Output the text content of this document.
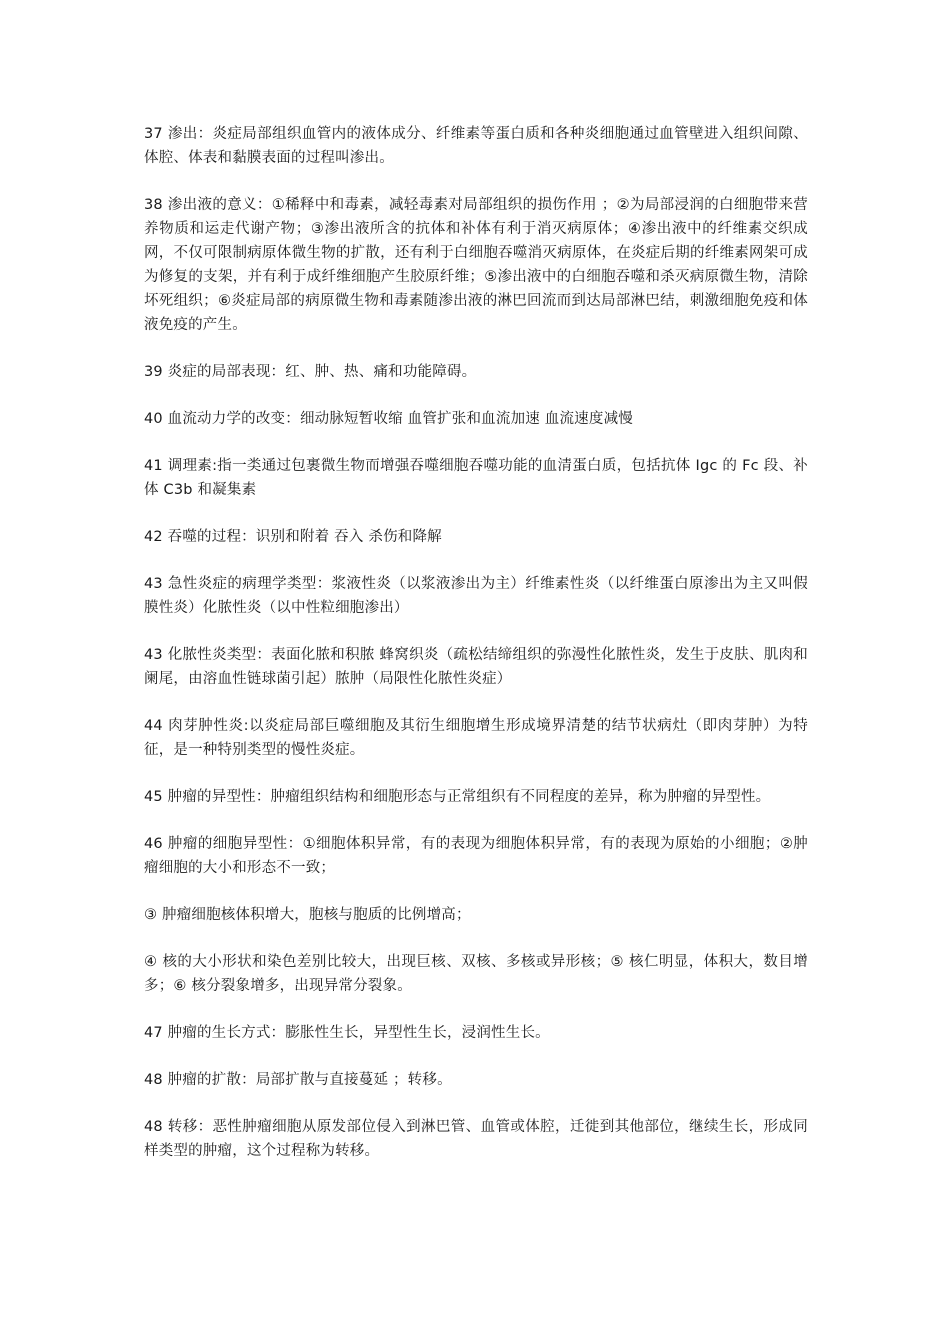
37 渗出：炎症局部组织血管内的液体成分、纤维素等蛋白质和各种炎细胞通过血管壁进入组织间隙、体腔、体表和黏膜表面的过程叫渗出。

38 渗出液的意义：①稀释中和毒素，减轻毒素对局部组织的损伤作用 ；②为局部浸润的白细胞带来营养物质和运走代谢产物；③渗出液所含的抗体和补体有利于消灭病原体；④渗出液中的纤维素交织成网，不仅可限制病原体微生物的扩散，还有利于白细胞吞噬消灭病原体，在炎症后期的纤维素网架可成为修复的支架，并有利于成纤维细胞产生胶原纤维；⑤渗出液中的白细胞吞噬和杀灭病原微生物，清除坏死组织；⑥炎症局部的病原微生物和毒素随渗出液的淋巴回流而到达局部淋巴结，刺激细胞免疫和体液免疫的产生。

39 炎症的局部表现：红、肿、热、痛和功能障碍。

40 血流动力学的改变：细动脉短暂收缩 血管扩张和血流加速 血流速度减慢

41 调理素:指一类通过包裹微生物而增强吞噬细胞吞噬功能的血清蛋白质，包括抗体 Igc 的 Fc 段、补体 C3b 和凝集素

42 吞噬的过程：识别和附着 吞入 杀伤和降解

43 急性炎症的病理学类型：浆液性炎（以浆液渗出为主）纤维素性炎（以纤维蛋白原渗出为主又叫假膜性炎）化脓性炎（以中性粒细胞渗出）

43 化脓性炎类型：表面化脓和积脓 蜂窝织炎（疏松结缔组织的弥漫性化脓性炎，发生于皮肤、肌肉和阑尾，由溶血性链球菌引起）脓肿（局限性化脓性炎症）

44 肉芽肿性炎:以炎症局部巨噬细胞及其衍生细胞增生形成境界清楚的结节状病灶（即肉芽肿）为特征，是一种特别类型的慢性炎症。

45 肿瘤的异型性：肿瘤组织结构和细胞形态与正常组织有不同程度的差异，称为肿瘤的异型性。

46 肿瘤的细胞异型性：①细胞体积异常，有的表现为细胞体积异常，有的表现为原始的小细胞；②肿瘤细胞的大小和形态不一致；

③ 肿瘤细胞核体积增大，胞核与胞质的比例增高；

④ 核的大小形状和染色差别比较大，出现巨核、双核、多核或异形核；⑤ 核仁明显，体积大，数目增多；⑥ 核分裂象增多，出现异常分裂象。

47 肿瘤的生长方式：膨胀性生长，异型性生长，浸润性生长。

48 肿瘤的扩散：局部扩散与直接蔓延 ；转移。

48 转移：恶性肿瘤细胞从原发部位侵入到淋巴管、血管或体腔，迁徙到其他部位，继续生长，形成同样类型的肿瘤，这个过程称为转移。
